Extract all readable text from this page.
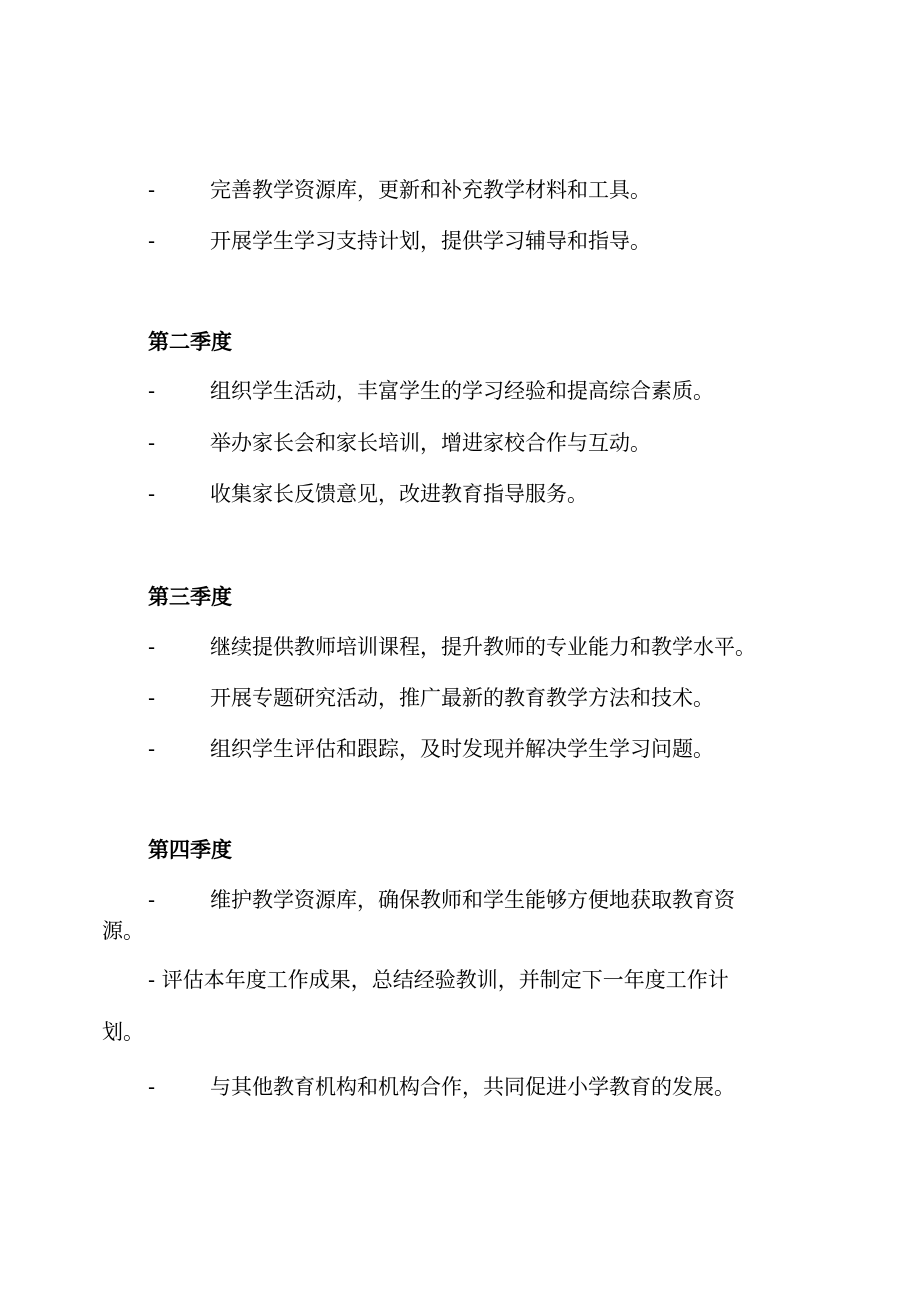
-	完善教学资源库，更新和补充教学材料和工具。
-	开展学生学习支持计划，提供学习辅导和指导。
第二季度
-	组织学生活动，丰富学生的学习经验和提高综合素质。
-	举办家长会和家长培训，增进家校合作与互动。
-	收集家长反馈意见，改进教育指导服务。
第三季度
-	继续提供教师培训课程，提升教师的专业能力和教学水平。
-	开展专题研究活动，推广最新的教育教学方法和技术。
-	组织学生评估和跟踪，及时发现并解决学生学习问题。
第四季度
-	维护教学资源库，确保教师和学生能够方便地获取教育资
源。
- 评估本年度工作成果，总结经验教训，并制定下一年度工作计
划。
-	与其他教育机构和机构合作，共同促进小学教育的发展。
